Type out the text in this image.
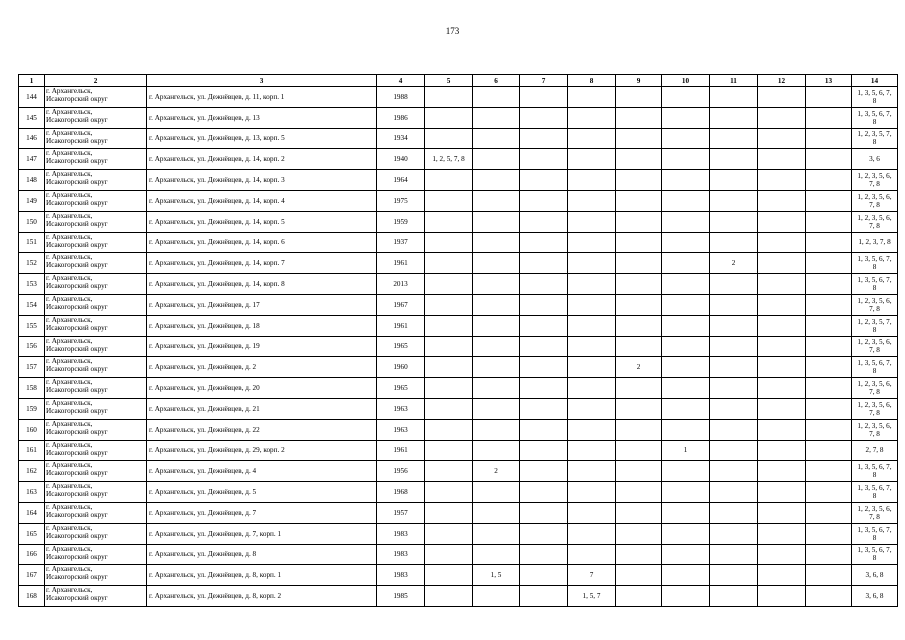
173
1	2	3	4	5	6	7	8	9	10	11	12	13	14
144	г. Архангельск,
Исакогорский округ	г. Архангельск, ул. Дежнёвцев, д. 11, корп. 1	1988										1, 3, 5, 6, 7,
8

145	г. Архангельск,
Исакогорский округ	г. Архангельск, ул. Дежнёвцев, д. 13	1986										1, 3, 5, 6, 7,
8

146	г. Архангельск,
Исакогорский округ	г. Архангельск, ул. Дежнёвцев, д. 13, корп. 5	1934										1, 2, 3, 5, 7,
8

147	г. Архангельск,
Исакогорский округ	г. Архангельск, ул. Дежнёвцев, д. 14, корп. 2	1940	1, 2, 5, 7, 8									3, 6

148	г. Архангельск,
Исакогорский округ	г. Архангельск, ул. Дежнёвцев, д. 14, корп. 3	1964										1, 2, 3, 5, 6,
7, 8

149	г. Архангельск,
Исакогорский округ	г. Архангельск, ул. Дежнёвцев, д. 14, корп. 4	1975										1, 2, 3, 5, 6,
7, 8

150	г. Архангельск,
Исакогорский округ	г. Архангельск, ул. Дежнёвцев, д. 14, корп. 5	1959										1, 2, 3, 5, 6,
7, 8

151	г. Архангельск,
Исакогорский округ	г. Архангельск, ул. Дежнёвцев, д. 14, корп. 6	1937										1, 2, 3, 7, 8

152	г. Архангельск,
Исакогорский округ	г. Архангельск, ул. Дежнёвцев, д. 14, корп. 7	1961							2			1, 3, 5, 6, 7,
8

153	г. Архангельск,
Исакогорский округ	г. Архангельск, ул. Дежнёвцев, д. 14, корп. 8	2013										1, 3, 5, 6, 7,
8

154	г. Архангельск,
Исакогорский округ	г. Архангельск, ул. Дежнёвцев, д. 17	1967										1, 2, 3, 5, 6,
7, 8

155	г. Архангельск,
Исакогорский округ	г. Архангельск, ул. Дежнёвцев, д. 18	1961										1, 2, 3, 5, 7,
8

156	г. Архангельск,
Исакогорский округ	г. Архангельск, ул. Дежнёвцев, д. 19	1965										1, 2, 3, 5, 6,
7, 8

157	г. Архангельск,
Исакогорский округ	г. Архангельск, ул. Дежнёвцев, д. 2	1960					2					1, 3, 5, 6, 7,
8

158	г. Архангельск,
Исакогорский округ	г. Архангельск, ул. Дежнёвцев, д. 20	1965										1, 2, 3, 5, 6,
7, 8

159	г. Архангельск,
Исакогорский округ	г. Архангельск, ул. Дежнёвцев, д. 21	1963										1, 2, 3, 5, 6,
7, 8

160	г. Архангельск,
Исакогорский округ	г. Архангельск, ул. Дежнёвцев, д. 22	1963										1, 2, 3, 5, 6,
7, 8

161	г. Архангельск,
Исакогорский округ	г. Архангельск, ул. Дежнёвцев, д. 29, корп. 2	1961						1				2, 7, 8

162	г. Архангельск,
Исакогорский округ	г. Архангельск, ул. Дежнёвцев, д. 4	1956		2								1, 3, 5, 6, 7,
8

163	г. Архангельск,
Исакогорский округ	г. Архангельск, ул. Дежнёвцев, д. 5	1968										1, 3, 5, 6, 7,
8

164	г. Архангельск,
Исакогорский округ	г. Архангельск, ул. Дежнёвцев, д. 7	1957										1, 2, 3, 5, 6,
7, 8

165	г. Архангельск,
Исакогорский округ	г. Архангельск, ул. Дежнёвцев, д. 7, корп. 1	1983										1, 3, 5, 6, 7,
8

166	г. Архангельск,
Исакогорский округ	г. Архангельск, ул. Дежнёвцев, д. 8	1983										1, 3, 5, 6, 7,
8

167	г. Архангельск,
Исакогорский округ	г. Архангельск, ул. Дежнёвцев, д. 8, корп. 1	1983		1, 5		7						3, 6, 8

168	г. Архангельск,
Исакогорский округ	г. Архангельск, ул. Дежнёвцев, д. 8, корп. 2	1985				1, 5, 7						3, 6, 8
